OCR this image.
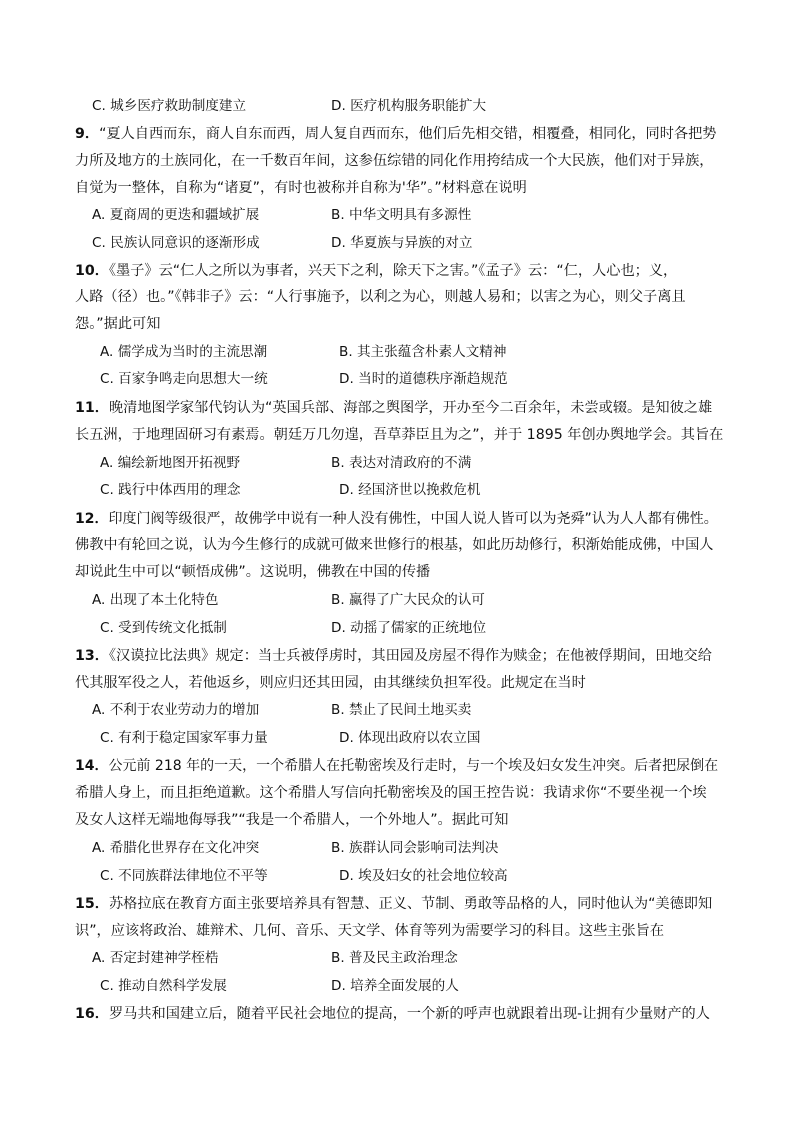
C. 城乡医疗救助制度建立	D. 医疗机构服务职能扩大
9．“夏人自西而东，商人自东而西，周人复自西而东，他们后先相交错，相覆叠，相同化，同时各把势
力所及地方的土族同化，在一千数百年间，这参伍综错的同化作用挎结成一个大民族，他们对于异族，
自觉为一整体，自称为“诸夏”，有时也被称并自称为'华”。”材料意在说明
A. 夏商周的更迭和疆域扩展	B. 中华文明具有多源性
C. 民族认同意识的逐渐形成	D. 华夏族与异族的对立
10．《墨子》云“仁人之所以为事者，兴天下之利，除天下之害。”《孟子》云：“仁，人心也；义，
人路（径）也。”《韩非子》云：“人行事施予，以利之为心，则越人易和；以害之为心，则父子离且
怨。”据此可知
A. 儒学成为当时的主流思潮	B. 其主张蕴含朴素人文精神
C. 百家争鸣走向思想大一统	D. 当时的道德秩序渐趋规范
11．晚清地图学家邹代钧认为“英国兵部、海部之舆图学，开办至今二百余年，未尝或辍。是知彼之雄
长五洲，于地理固研习有素焉。朝廷万几勿遑，吾草莽臣且为之”，并于 1895 年创办舆地学会。其旨在
A. 编绘新地图开拓视野	B. 表达对清政府的不满
C. 践行中体西用的理念	D. 经国济世以挽救危机
12．印度门阀等级很严，故佛学中说有一种人没有佛性，中国人说人皆可以为尧舜”认为人人都有佛性。
佛教中有轮回之说，认为今生修行的成就可做来世修行的根基，如此历劫修行，积渐始能成佛，中国人
却说此生中可以“顿悟成佛”。这说明，佛教在中国的传播
A. 出现了本土化特色	B. 赢得了广大民众的认可
C. 受到传统文化抵制	D. 动摇了儒家的正统地位
13．《汉谟拉比法典》规定：当士兵被俘虏时，其田园及房屋不得作为赎金；在他被俘期间，田地交给
代其服军役之人，若他返乡，则应归还其田园，由其继续负担军役。此规定在当时
A. 不利于农业劳动力的增加	B. 禁止了民间土地买卖
C. 有利于稳定国家军事力量	D. 体现出政府以农立国
14．公元前 218 年的一天，一个希腊人在托勒密埃及行走时，与一个埃及妇女发生冲突。后者把尿倒在
希腊人身上，而且拒绝道歉。这个希腊人写信向托勒密埃及的国王控告说：我请求你“不要坐视一个埃
及女人这样无端地侮辱我”“我是一个希腊人，一个外地人”。据此可知
A. 希腊化世界存在文化冲突	B. 族群认同会影响司法判决
C. 不同族群法律地位不平等	D. 埃及妇女的社会地位较高
15．苏格拉底在教育方面主张要培养具有智慧、正义、节制、勇敢等品格的人，同时他认为“美德即知
识”，应该将政治、雄辩术、几何、音乐、天文学、体育等列为需要学习的科目。这些主张旨在
A. 否定封建神学桎梏	B. 普及民主政治理念
C. 推动自然科学发展	D. 培养全面发展的人
16．罗马共和国建立后，随着平民社会地位的提高，一个新的呼声也就跟着出现-让拥有少量财产的人
